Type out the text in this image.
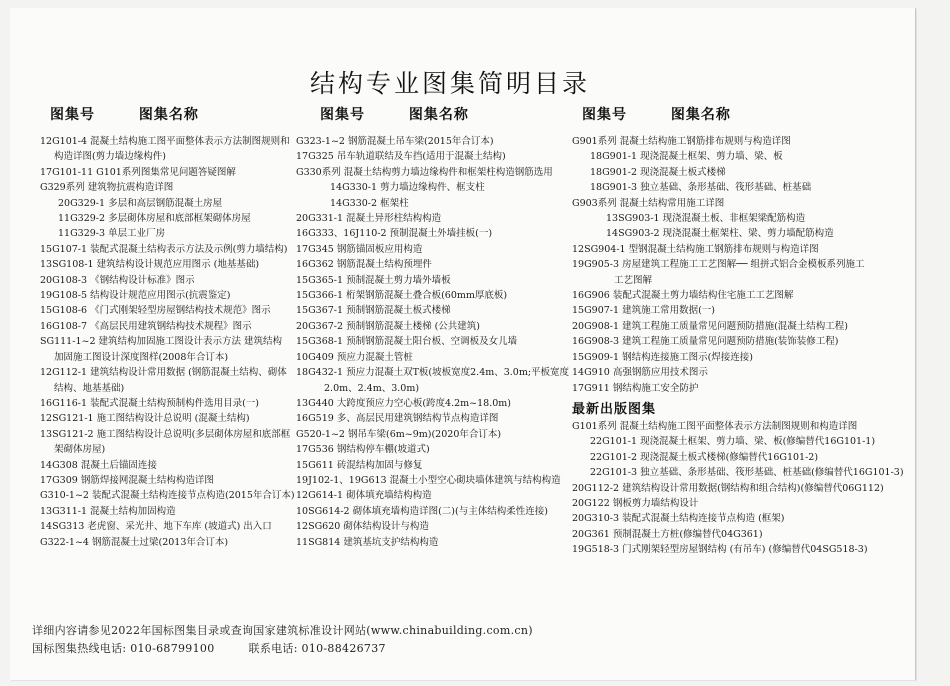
结构专业图集简明目录
图集号	图集名称
12G101-4 混凝土结构施工图平面整体表示方法制图规则和
构造详图(剪力墙边缘构件)
17G101-11 G101系列图集常见问题答疑图解
G329系列 建筑物抗震构造详图
20G329-1 多层和高层钢筋混凝土房屋
11G329-2 多层砌体房屋和底部框架砌体房屋
11G329-3 单层工业厂房
15G107-1 装配式混凝土结构表示方法及示例(剪力墙结构)
13SG108-1 建筑结构设计规范应用图示 (地基基础)
20G108-3 《钢结构设计标准》图示
19G108-5 结构设计规范应用图示(抗震鉴定)
15G108-6 《门式刚架轻型房屋钢结构技术规范》图示
16G108-7 《高层民用建筑钢结构技术规程》图示
SG111-1~2 建筑结构加固施工图设计表示方法 建筑结构
加固施工图设计深度图样(2008年合订本)
12G112-1 建筑结构设计常用数据 (钢筋混凝土结构、砌体
结构、地基基础)
16G116-1 装配式混凝土结构预制构件选用目录(一)
12SG121-1 施工图结构设计总说明 (混凝土结构)
13SG121-2 施工图结构设计总说明(多层砌体房屋和底部框
架砌体房屋)
14G308 混凝土后锚固连接
17G309 钢筋焊接网混凝土结构构造详图
G310-1~2 装配式混凝土结构连接节点构造(2015年合订本)
13G311-1 混凝土结构加固构造
14SG313 老虎窗、采光井、地下车库 (坡道式) 出入口
G322-1~4 钢筋混凝土过梁(2013年合订本)
图集号	图集名称
G323-1~2 钢筋混凝土吊车梁(2015年合订本)
17G325 吊车轨道联结及车挡(适用于混凝土结构)
G330系列 混凝土结构剪力墙边缘构件和框架柱构造钢筋选用
14G330-1 剪力墙边缘构件、框支柱
14G330-2 框架柱
20G331-1 混凝土异形柱结构构造
16G333、16J110-2 预制混凝土外墙挂板(一)
17G345 钢筋锚固板应用构造
16G362 钢筋混凝土结构预埋件
15G365-1 预制混凝土剪力墙外墙板
15G366-1 桁架钢筋混凝土叠合板(60mm厚底板)
15G367-1 预制钢筋混凝土板式楼梯
20G367-2 预制钢筋混凝土楼梯 (公共建筑)
15G368-1 预制钢筋混凝土阳台板、空调板及女儿墙
10G409 预应力混凝土管桩
18G432-1 预应力混凝土双T板(坡板宽度2.4m、3.0m;平板宽度
2.0m、2.4m、3.0m)
13G440 大跨度预应力空心板(跨度4.2m~18.0m)
16G519 多、高层民用建筑钢结构节点构造详图
G520-1~2 钢吊车梁(6m~9m)(2020年合订本)
17G536 钢结构停车棚(坡道式)
15G611 砖混结构加固与修复
19J102-1、19G613 混凝土小型空心砌块墙体建筑与结构构造
12G614-1 砌体填充墙结构构造
10SG614-2 砌体填充墙构造详图(二)(与主体结构柔性连接)
12SG620 砌体结构设计与构造
11SG814 建筑基坑支护结构构造
图集号	图集名称
G901系列 混凝土结构施工钢筋排布规则与构造详图
18G901-1 现浇混凝土框架、剪力墙、梁、板
18G901-2 现浇混凝土板式楼梯
18G901-3 独立基础、条形基础、筏形基础、桩基础
G903系列 混凝土结构常用施工详图
13SG903-1 现浇混凝土板、非框架梁配筋构造
14SG903-2 现浇混凝土框架柱、梁、剪力墙配筋构造
12SG904-1 型钢混凝土结构施工钢筋排布规则与构造详图
19G905-3 房屋建筑工程施工工艺图解── 组拼式铝合金模板系列施工
工艺图解
16G906 装配式混凝土剪力墙结构住宅施工工艺图解
15G907-1 建筑施工常用数据(一)
20G908-1 建筑工程施工质量常见问题预防措施(混凝土结构工程)
16G908-3 建筑工程施工质量常见问题预防措施(装饰装修工程)
15G909-1 钢结构连接施工图示(焊接连接)
14G910 高强钢筋应用技术图示
17G911 钢结构施工安全防护
最新出版图集
G101系列 混凝土结构施工图平面整体表示方法制图规则和构造详图
22G101-1 现浇混凝土框架、剪力墙、梁、板(修编替代16G101-1)
22G101-2 现浇混凝土板式楼梯(修编替代16G101-2)
22G101-3 独立基础、条形基础、筏形基础、桩基础(修编替代16G101-3)
20G112-2 建筑结构设计常用数据(钢结构和组合结构)(修编替代06G112)
20G122 钢板剪力墙结构设计
20G310-3 装配式混凝土结构连接节点构造 (框架)
20G361 预制混凝土方桩(修编替代04G361)
19G518-3 门式刚架轻型房屋钢结构 (有吊车) (修编替代04SG518-3)
详细内容请参见2022年国标图集目录或查询国家建筑标准设计网站(www.chinabuilding.com.cn)
国标图集热线电话: 010-68799100	联系电话: 010-88426737
